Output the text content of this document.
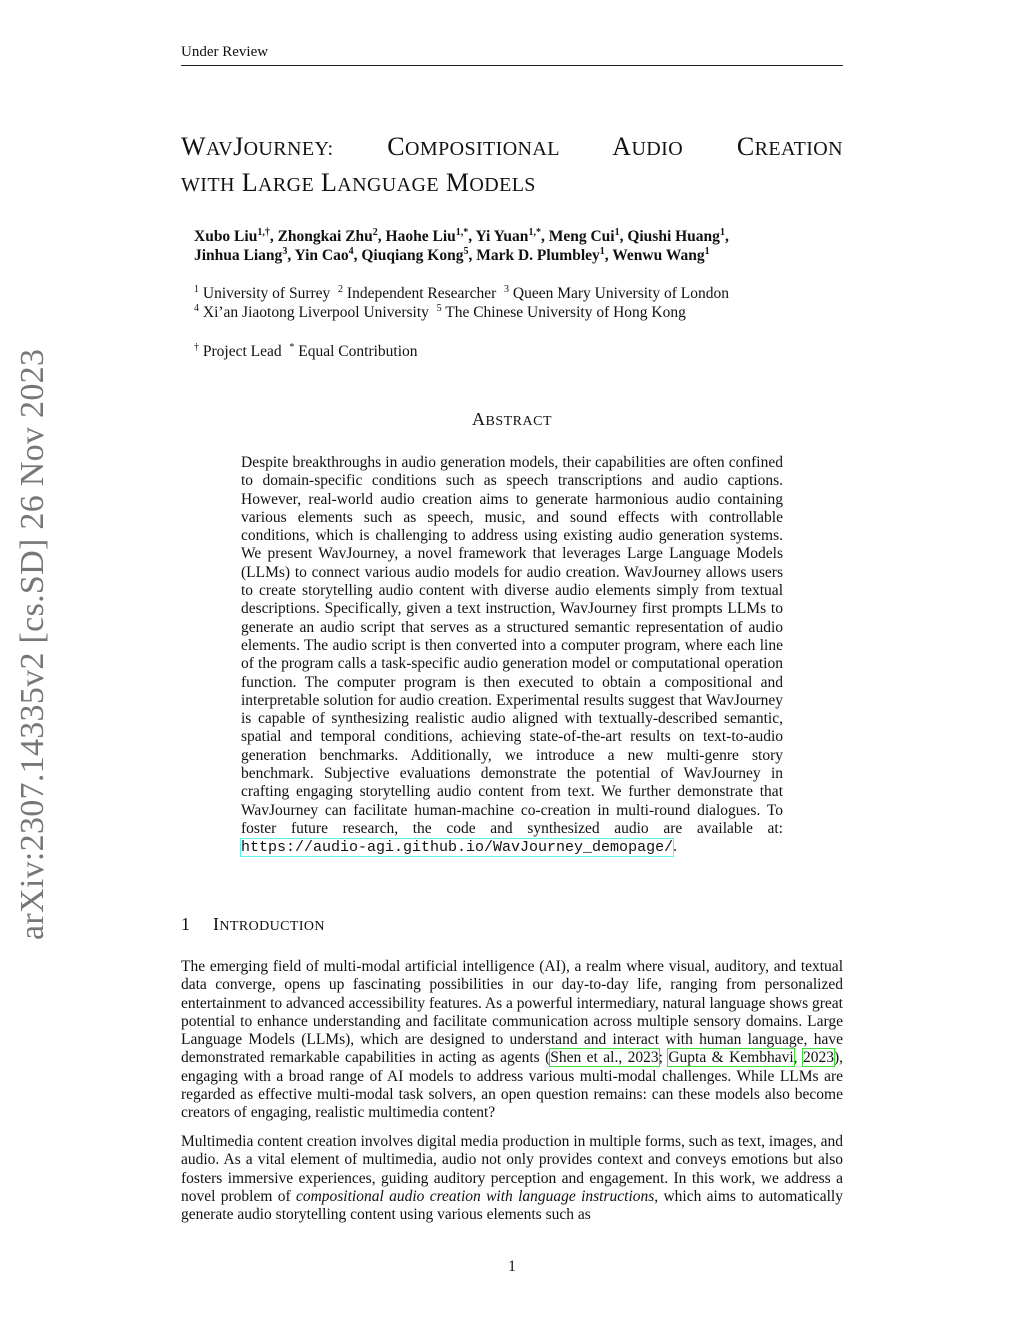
Under Review
arXiv:2307.14335v2 [cs.SD] 26 Nov 2023
WAVJOURNEY: COMPOSITIONAL AUDIO CREATION
WITH LARGE LANGUAGE MODELS
Xubo Liu$^{1,\dagger}$, Zhongkai Zhu$^2$, Haohe Liu$^{1,*}$, Yi Yuan$^{1,*}$, Meng Cui$^1$, Qiushi Huang$^1$,
Jinhua Liang$^3$, Yin Cao$^4$, Qiuqiang Kong$^5$, Mark D. Plumbley$^1$, Wenwu Wang$^1$
$^1$ University of Surrey $^2$ Independent Researcher $^3$ Queen Mary University of London
$^4$ Xi’an Jiaotong Liverpool University $^5$ The Chinese University of Hong Kong
† Project Lead * Equal Contribution
ABSTRACT
Despite breakthroughs in audio generation models, their capabilities are often confined to domain-specific conditions such as speech transcriptions and audio captions. However, real-world audio creation aims to generate harmonious audio containing various elements such as speech, music, and sound effects with controllable conditions, which is challenging to address using existing audio generation systems. We present WavJourney, a novel framework that leverages Large Language Models (LLMs) to connect various audio models for audio creation. WavJourney allows users to create storytelling audio content with diverse audio elements simply from textual descriptions. Specifically, given a text instruction, WavJourney first prompts LLMs to generate an audio script that serves as a structured semantic representation of audio elements. The audio script is then converted into a computer program, where each line of the program calls a task-specific audio generation model or computational operation function. The computer program is then executed to obtain a compositional and interpretable solution for audio creation. Experimental results suggest that WavJourney is capable of synthesizing realistic audio aligned with textually-described semantic, spatial and temporal conditions, achieving state-of-the-art results on text-to-audio generation benchmarks. Additionally, we introduce a new multi-genre story benchmark. Subjective evaluations demonstrate the potential of WavJourney in crafting engaging storytelling audio content from text. We further demonstrate that WavJourney can facilitate human-machine co-creation in multi-round dialogues. To foster future research, the code and synthesized audio are available at: https://audio-agi.github.io/WavJourney_demopage/.
1 INTRODUCTION
The emerging field of multi-modal artificial intelligence (AI), a realm where visual, auditory, and textual data converge, opens up fascinating possibilities in our day-to-day life, ranging from personalized entertainment to advanced accessibility features. As a powerful intermediary, natural language shows great potential to enhance understanding and facilitate communication across multiple sensory domains. Large Language Models (LLMs), which are designed to understand and interact with human language, have demonstrated remarkable capabilities in acting as agents (Shen et al., 2023; Gupta & Kembhavi, 2023), engaging with a broad range of AI models to address various multi-modal challenges. While LLMs are regarded as effective multi-modal task solvers, an open question remains: can these models also become creators of engaging, realistic multimedia content?
Multimedia content creation involves digital media production in multiple forms, such as text, images, and audio. As a vital element of multimedia, audio not only provides context and conveys emotions but also fosters immersive experiences, guiding auditory perception and engagement. In this work, we address a novel problem of compositional audio creation with language instructions, which aims to automatically generate audio storytelling content using various elements such as
1
